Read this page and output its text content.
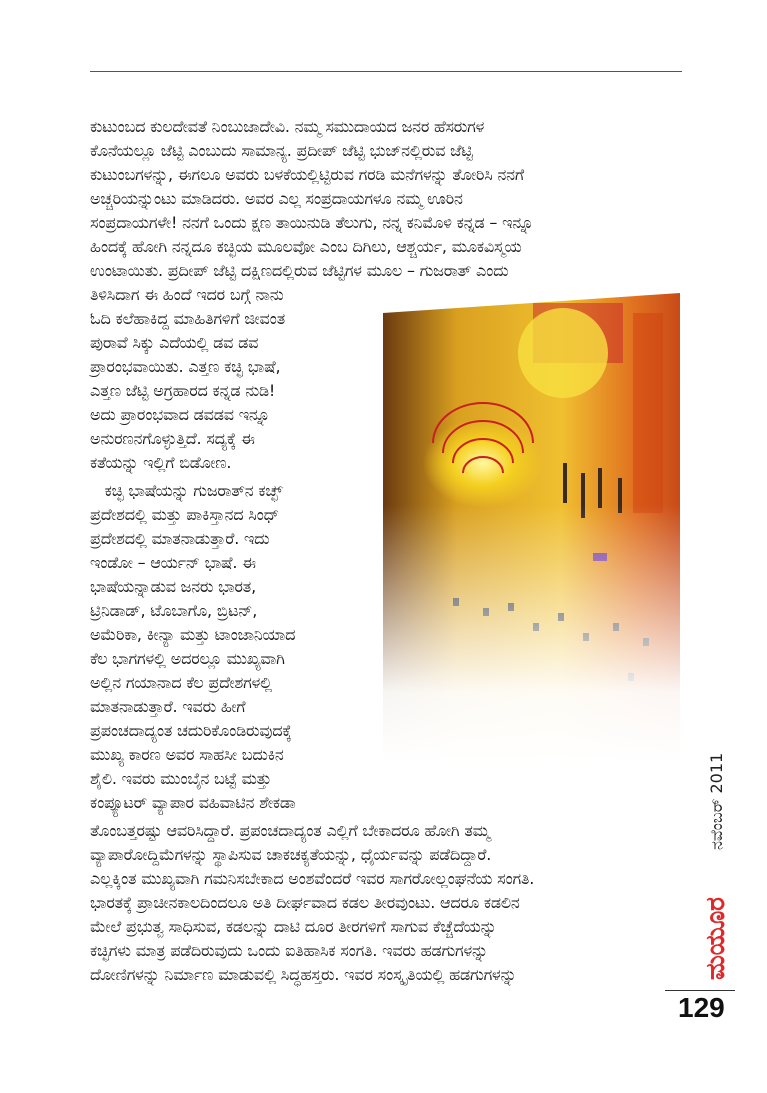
ಕುಟುಂಬದ ಕುಲದೇವತೆ ನಿಂಬುಜಾದೇವಿ. ನಮ್ಮ ಸಮುದಾಯದ ಜನರ ಹೆಸರುಗಳ
ಕೊನೆಯಲ್ಲೂ ಜೆಟ್ಟಿ ಎಂಬುದು ಸಾಮಾನ್ಯ. ಪ್ರದೀಪ್ ಜೆಟ್ಟಿ ಭುಜ್‌ನಲ್ಲಿರುವ ಜೆಟ್ಟಿ
ಕುಟುಂಬಗಳನ್ನು, ಈಗಲೂ ಅವರು ಬಳಕೆಯಲ್ಲಿಟ್ಟಿರುವ ಗರಡಿ ಮನೆಗಳನ್ನು ತೋರಿಸಿ ನನಗೆ
ಅಚ್ಚರಿಯನ್ನುಂಟು ಮಾಡಿದರು. ಅವರ ಎಲ್ಲ ಸಂಪ್ರದಾಯಗಳೂ ನಮ್ಮ ಊರಿನ
ಸಂಪ್ರದಾಯಗಳೇ! ನನಗೆ ಒಂದು ಕ್ಷಣ ತಾಯಿನುಡಿ ತೆಲುಗು, ನನ್ನ ಕನಿಮೊಳಿ ಕನ್ನಡ – ಇನ್ನೂ
ಹಿಂದಕ್ಕೆ ಹೋಗಿ ನನ್ನದೂ ಕಚ್ಛಿಯ ಮೂಲವೋ ಎಂಬ ದಿಗಿಲು, ಆಶ್ಚರ್ಯ, ಮೂಕವಿಸ್ಮಯ
ಉಂಟಾಯಿತು. ಪ್ರದೀಪ್ ಜೆಟ್ಟಿ ದಕ್ಷಿಣದಲ್ಲಿರುವ ಜೆಟ್ಟಿಗಳ ಮೂಲ – ಗುಜರಾತ್ ಎಂದು
ತಿಳಿಸಿದಾಗ ಈ ಹಿಂದೆ ಇದರ ಬಗ್ಗೆ ನಾನು
ಓದಿ ಕಲೆಹಾಕಿದ್ದ ಮಾಹಿತಿಗಳಿಗೆ ಜೀವಂತ
ಪುರಾವೆ ಸಿಕ್ಕು ಎದೆಯಲ್ಲಿ ಡವ ಡವ
ಪ್ರಾರಂಭವಾಯಿತು. ಎತ್ತಣ ಕಚ್ಛಿ ಭಾಷೆ,
ಎತ್ತಣ ಜೆಟ್ಟಿ ಅಗ್ರಹಾರದ ಕನ್ನಡ ನುಡಿ!
ಅದು ಪ್ರಾರಂಭವಾದ ಡವಡವ ಇನ್ನೂ
ಅನುರಣನಗೊಳ್ಳುತ್ತಿದೆ. ಸದ್ಯಕ್ಕೆ ಈ
ಕತೆಯನ್ನು ಇಲ್ಲಿಗೆ ಬಿಡೋಣ.
ಕಚ್ಛಿ ಭಾಷೆಯನ್ನು ಗುಜರಾತ್‌ನ ಕಚ್ಛ್
ಪ್ರದೇಶದಲ್ಲಿ ಮತ್ತು ಪಾಕಿಸ್ತಾನದ ಸಿಂಧ್
ಪ್ರದೇಶದಲ್ಲಿ ಮಾತನಾಡುತ್ತಾರೆ. ಇದು
ಇಂಡೋ – ಆರ್ಯನ್ ಭಾಷೆ. ಈ
ಭಾಷೆಯನ್ನಾಡುವ ಜನರು ಭಾರತ,
ಟ್ರಿನಿಡಾಡ್, ಟೊಬಾಗೊ, ಬ್ರಿಟನ್,
ಅಮೆರಿಕಾ, ಕೀನ್ಯಾ ಮತ್ತು ಟಾಂಜಾನಿಯಾದ
ಕೆಲ ಭಾಗಗಳಲ್ಲಿ ಅದರಲ್ಲೂ ಮುಖ್ಯವಾಗಿ
ಅಲ್ಲಿನ ಗಯಾನಾದ ಕೆಲ ಪ್ರದೇಶಗಳಲ್ಲಿ
ಮಾತನಾಡುತ್ತಾರೆ. ಇವರು ಹೀಗೆ
ಪ್ರಪಂಚದಾದ್ಯಂತ ಚದುರಿಕೊಂಡಿರುವುದಕ್ಕೆ
ಮುಖ್ಯ ಕಾರಣ ಅವರ ಸಾಹಸೀ ಬದುಕಿನ
ಶೈಲಿ. ಇವರು ಮುಂಬೈನ ಬಟ್ಟೆ ಮತ್ತು
ಕಂಪ್ಯೂಟರ್ ವ್ಯಾಪಾರ ವಹಿವಾಟಿನ ಶೇಕಡಾ
ತೊಂಬತ್ತರಷ್ಟು ಆವರಿಸಿದ್ದಾರೆ. ಪ್ರಪಂಚದಾದ್ಯಂತ ಎಲ್ಲಿಗೆ ಬೇಕಾದರೂ ಹೋಗಿ ತಮ್ಮ
ವ್ಯಾಪಾರೋದ್ದಿಮೆಗಳನ್ನು ಸ್ಥಾಪಿಸುವ ಚಾಕಚಕ್ಯತೆಯನ್ನು, ಧೈರ್ಯವನ್ನು ಪಡೆದಿದ್ದಾರೆ.
ಎಲ್ಲಕ್ಕಿಂತ ಮುಖ್ಯವಾಗಿ ಗಮನಿಸಬೇಕಾದ ಅಂಶವೆಂದರೆ ಇವರ ಸಾಗರೋಲ್ಲಂಘನೆಯ ಸಂಗತಿ.
ಭಾರತಕ್ಕೆ ಪ್ರಾಚೀನಕಾಲದಿಂದಲೂ ಅತಿ ದೀರ್ಘವಾದ ಕಡಲ ತೀರವುಂಟು. ಆದರೂ ಕಡಲಿನ
ಮೇಲೆ ಪ್ರಭುತ್ವ ಸಾಧಿಸುವ, ಕಡಲನ್ನು ದಾಟಿ ದೂರ ತೀರಗಳಿಗೆ ಸಾಗುವ ಕೆಚ್ಚೆದೆಯನ್ನು
ಕಚ್ಛಿಗಳು ಮಾತ್ರ ಪಡೆದಿರುವುದು ಒಂದು ಐತಿಹಾಸಿಕ ಸಂಗತಿ. ಇವರು ಹಡಗುಗಳನ್ನು
ದೋಣಿಗಳನ್ನು ನಿರ್ಮಾಣ ಮಾಡುವಲ್ಲಿ ಸಿದ್ಧಹಸ್ತರು. ಇವರ ಸಂಸ್ಕೃತಿಯಲ್ಲಿ ಹಡಗುಗಳನ್ನು
ನವೆಂಬರ್ 2011
ಮಯೂರ
129
